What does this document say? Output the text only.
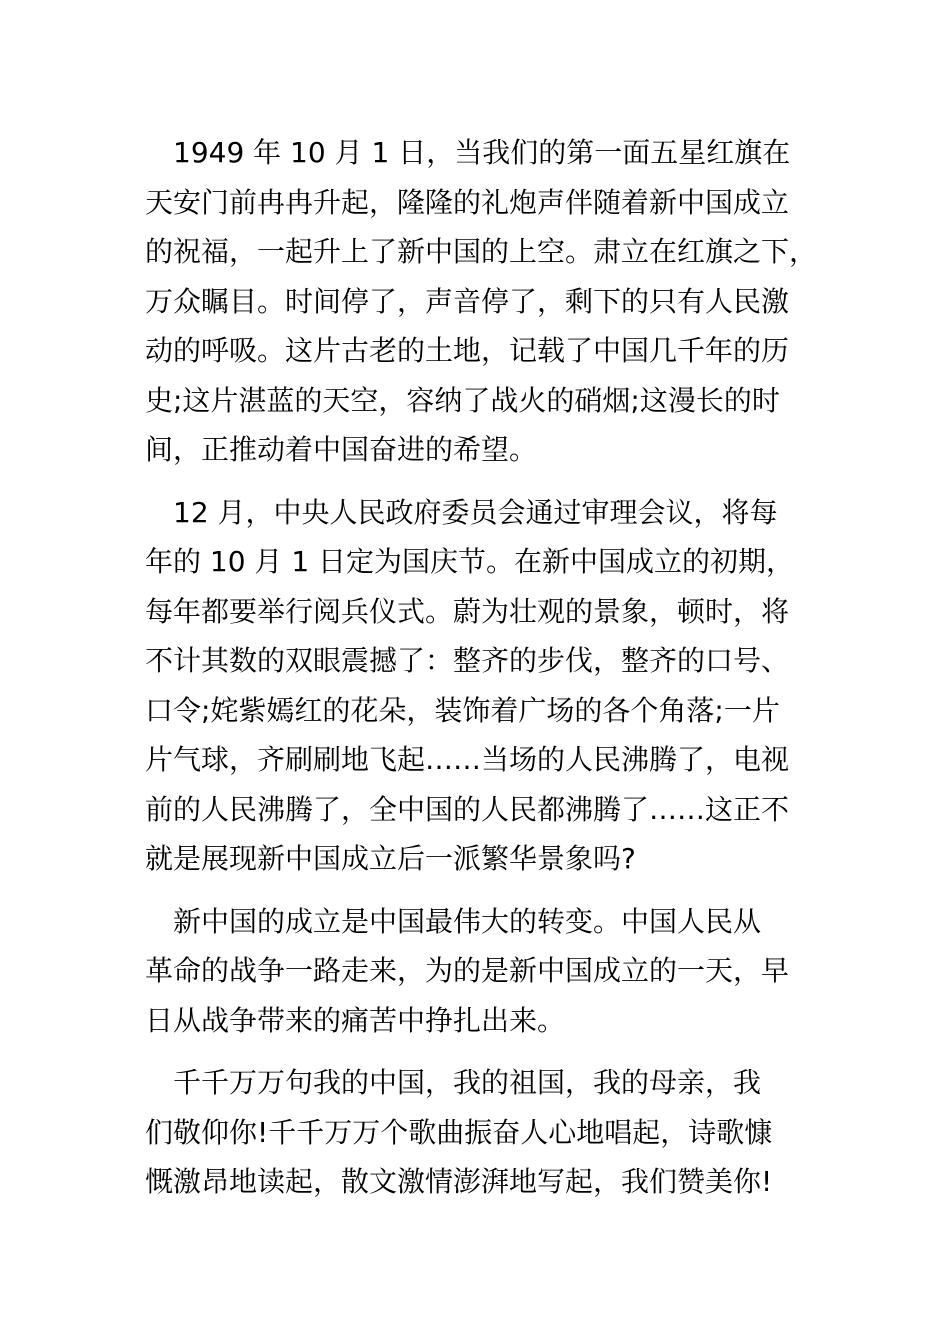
　1949 年 10 月 1 日，当我们的第一面五星红旗在
天安门前冉冉升起，隆隆的礼炮声伴随着新中国成立
的祝福，一起升上了新中国的上空。肃立在红旗之下，
万众瞩目。时间停了，声音停了，剩下的只有人民激
动的呼吸。这片古老的土地，记载了中国几千年的历
史;这片湛蓝的天空，容纳了战火的硝烟;这漫长的时
间，正推动着中国奋进的希望。
　12 月，中央人民政府委员会通过审理会议，将每
年的 10 月 1 日定为国庆节。在新中国成立的初期，
每年都要举行阅兵仪式。蔚为壮观的景象，顿时，将
不计其数的双眼震撼了：整齐的步伐，整齐的口号、
口令;姹紫嫣红的花朵，装饰着广场的各个角落;一片
片气球，齐刷刷地飞起……当场的人民沸腾了，电视
前的人民沸腾了，全中国的人民都沸腾了……这正不
就是展现新中国成立后一派繁华景象吗?
　新中国的成立是中国最伟大的转变。中国人民从
革命的战争一路走来，为的是新中国成立的一天，早
日从战争带来的痛苦中挣扎出来。
　千千万万句我的中国，我的祖国，我的母亲，我
们敬仰你!千千万万个歌曲振奋人心地唱起，诗歌慷
慨激昂地读起，散文激情澎湃地写起，我们赞美你!
